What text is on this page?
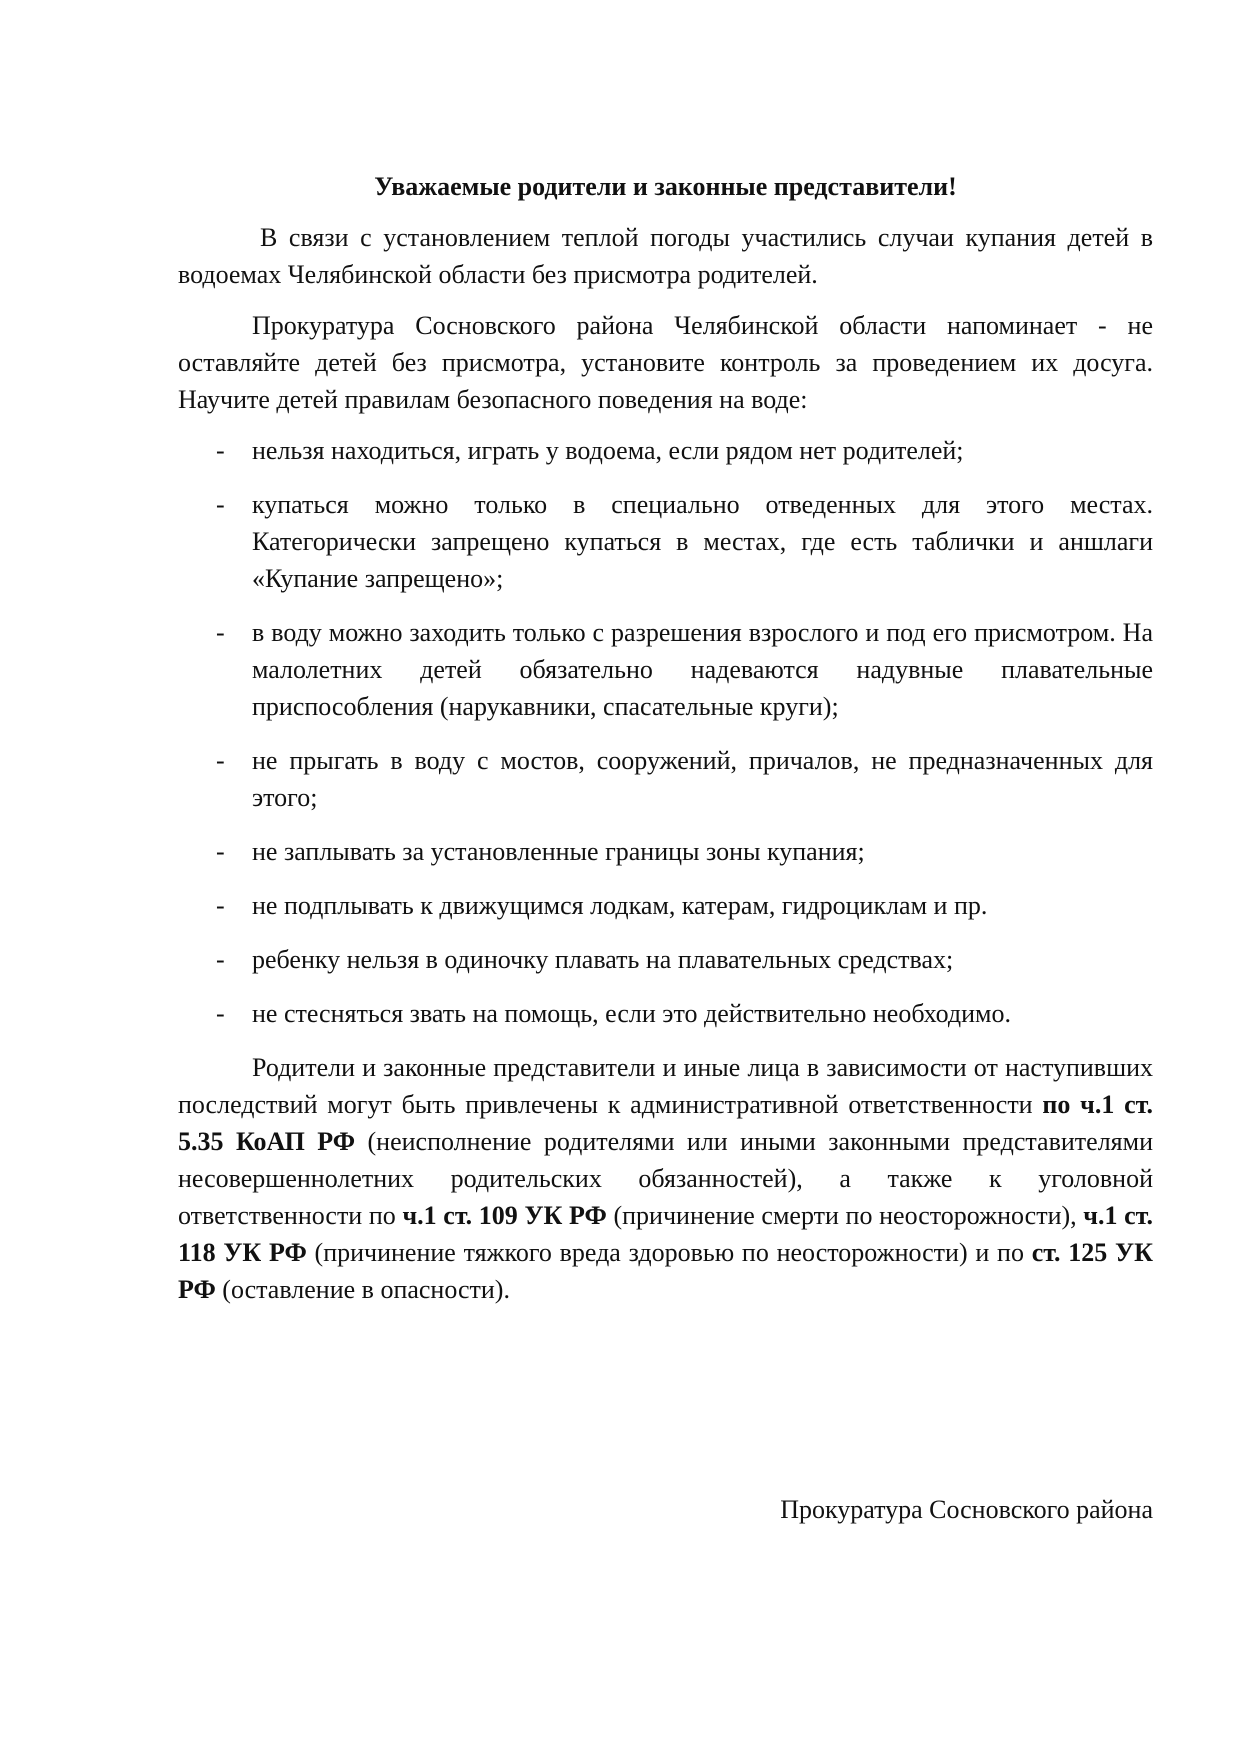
Уважаемые родители и законные представители!

В связи с установлением теплой погоды участились случаи купания детей в водоемах Челябинской области без присмотра родителей.

Прокуратура Сосновского района Челябинской области напоминает - не оставляйте детей без присмотра, установите контроль за проведением их досуга. Научите детей правилам безопасного поведения на воде:

- нельзя находиться, играть у водоема, если рядом нет родителей;
- купаться можно только в специально отведенных для этого местах. Категорически запрещено купаться в местах, где есть таблички и аншлаги «Купание запрещено»;
- в воду можно заходить только с разрешения взрослого и под его присмотром. На малолетних детей обязательно надеваются надувные плавательные приспособления (нарукавники, спасательные круги);
- не прыгать в воду с мостов, сооружений, причалов, не предназначенных для этого;
- не заплывать за установленные границы зоны купания;
- не подплывать к движущимся лодкам, катерам, гидроциклам и пр.
- ребенку нельзя в одиночку плавать на плавательных средствах;
- не стесняться звать на помощь, если это действительно необходимо.

Родители и законные представители и иные лица в зависимости от наступивших последствий могут быть привлечены к административной ответственности по ч.1 ст. 5.35 КоАП РФ (неисполнение родителями или иными законными представителями несовершеннолетних родительских обязанностей), а также к уголовной ответственности по ч.1 ст. 109 УК РФ (причинение смерти по неосторожности), ч.1 ст. 118 УК РФ (причинение тяжкого вреда здоровью по неосторожности) и по ст. 125 УК РФ (оставление в опасности).

Прокуратура Сосновского района
